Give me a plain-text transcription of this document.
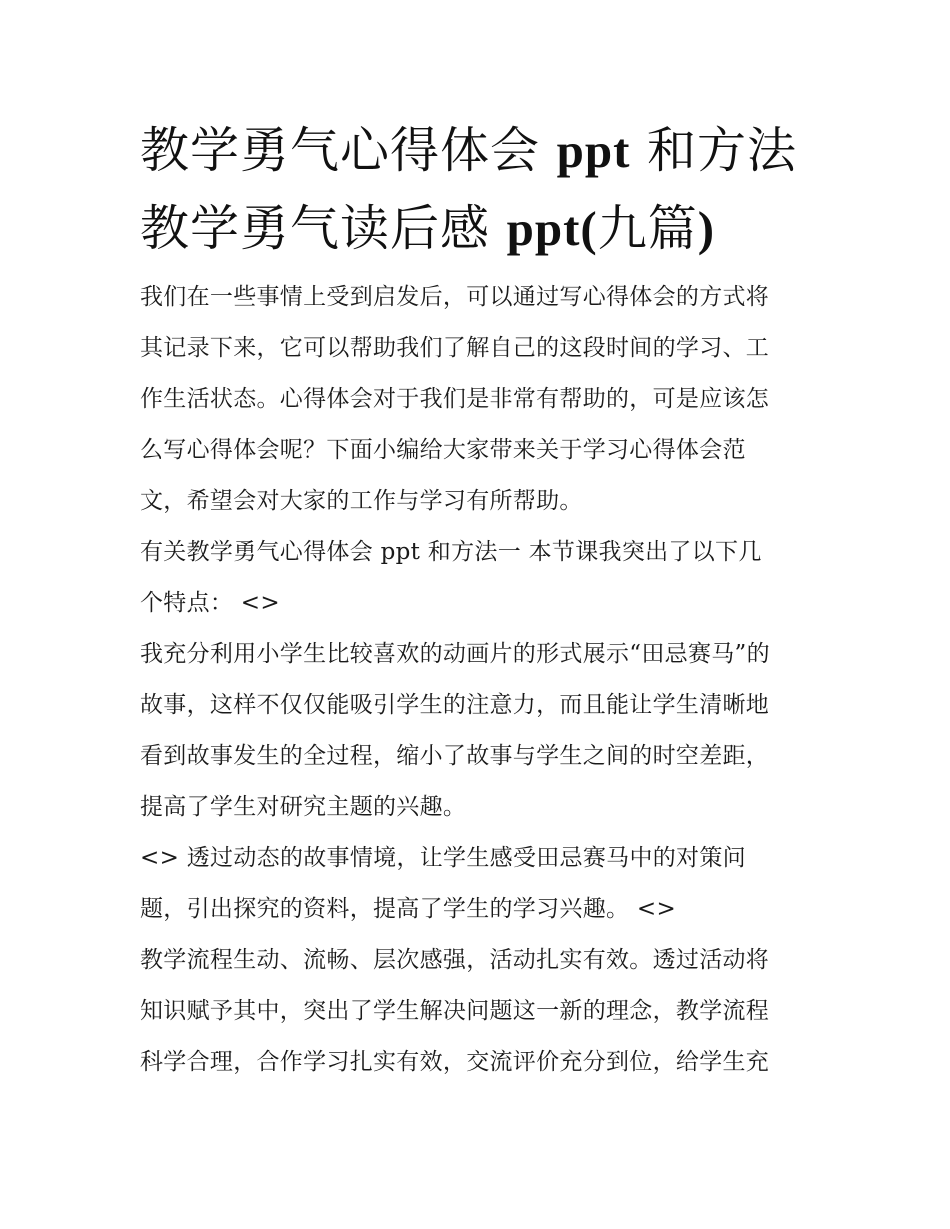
教学勇气心得体会 ppt 和方法
教学勇气读后感 ppt(九篇)

我们在一些事情上受到启发后，可以通过写心得体会的方式将
其记录下来，它可以帮助我们了解自己的这段时间的学习、工
作生活状态。心得体会对于我们是非常有帮助的，可是应该怎
么写心得体会呢？下面小编给大家带来关于学习心得体会范
文，希望会对大家的工作与学习有所帮助。

有关教学勇气心得体会 ppt 和方法一 本节课我突出了以下几
个特点： <>

我充分利用小学生比较喜欢的动画片的形式展示“田忌赛马”的
故事，这样不仅仅能吸引学生的注意力，而且能让学生清晰地
看到故事发生的全过程，缩小了故事与学生之间的时空差距，
提高了学生对研究主题的兴趣。

<> 透过动态的故事情境，让学生感受田忌赛马中的对策问
题，引出探究的资料，提高了学生的学习兴趣。 <>

教学流程生动、流畅、层次感强，活动扎实有效。透过活动将
知识赋予其中，突出了学生解决问题这一新的理念，教学流程
科学合理，合作学习扎实有效，交流评价充分到位，给学生充
